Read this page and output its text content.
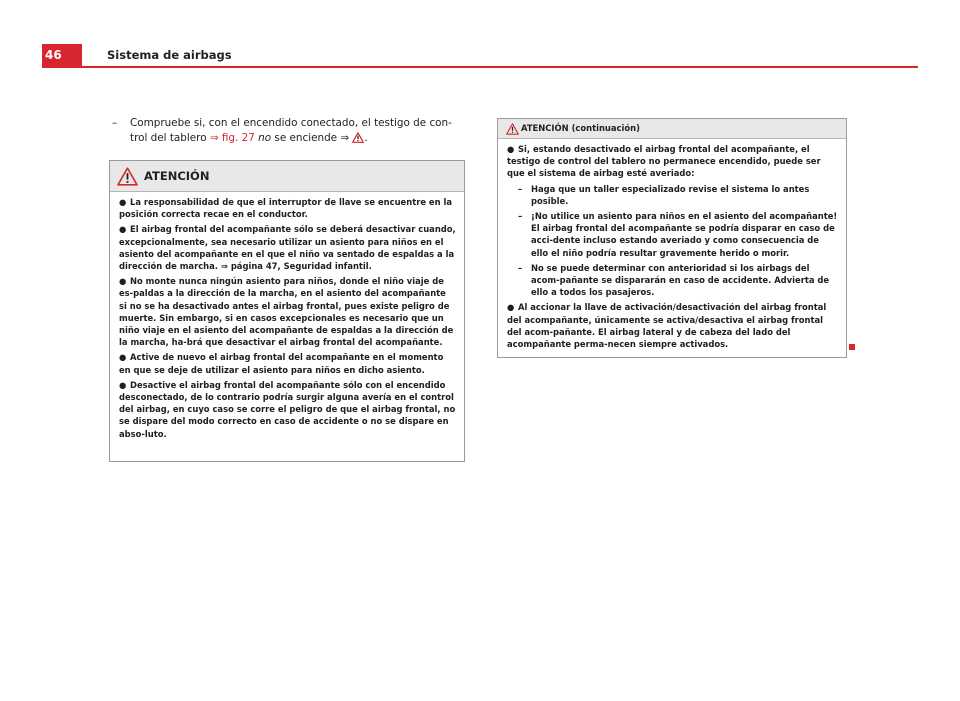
46	Sistema de airbags
–	Compruebe si, con el encendido conectado, el testigo de con-trol del tablero ⇒ fig. 27 no se enciende ⇒ .
ATENCIÓN

● La responsabilidad de que el interruptor de llave se encuentre en la posición correcta recae en el conductor.

● El airbag frontal del acompañante sólo se deberá desactivar cuando, excepcionalmente, sea necesario utilizar un asiento para niños en el asiento del acompañante en el que el niño va sentado de espaldas a la dirección de marcha. ⇒ página 47, Seguridad infantil.

● No monte nunca ningún asiento para niños, donde el niño viaje de es-paldas a la dirección de la marcha, en el asiento del acompañante si no se ha desactivado antes el airbag frontal, pues existe peligro de muerte. Sin embargo, si en casos excepcionales es necesario que un niño viaje en el asiento del acompañante de espaldas a la dirección de la marcha, ha-brá que desactivar el airbag frontal del acompañante.

● Active de nuevo el airbag frontal del acompañante en el momento en que se deje de utilizar el asiento para niños en dicho asiento.

● Desactive el airbag frontal del acompañante sólo con el encendido desconectado, de lo contrario podría surgir alguna avería en el control del airbag, en cuyo caso se corre el peligro de que el airbag frontal, no se dispare del modo correcto en caso de accidente o no se dispare en abso-luto.

ATENCIÓN (continuación)

● Si, estando desactivado el airbag frontal del acompañante, el testigo de control del tablero no permanece encendido, puede ser que el sistema de airbag esté averiado:

– Haga que un taller especializado revise el sistema lo antes posible.
– ¡No utilice un asiento para niños en el asiento del acompañante! El airbag frontal del acompañante se podría disparar en caso de acci-dente incluso estando averiado y como consecuencia de ello el niño podría resultar gravemente herido o morir.
– No se puede determinar con anterioridad si los airbags del acom-pañante se dispararán en caso de accidente. Advierta de ello a todos los pasajeros.

● Al accionar la llave de activación/desactivación del airbag frontal del acompañante, únicamente se activa/desactiva el airbag frontal del acom-pañante. El airbag lateral y de cabeza del lado del acompañante perma-necen siempre activados.
